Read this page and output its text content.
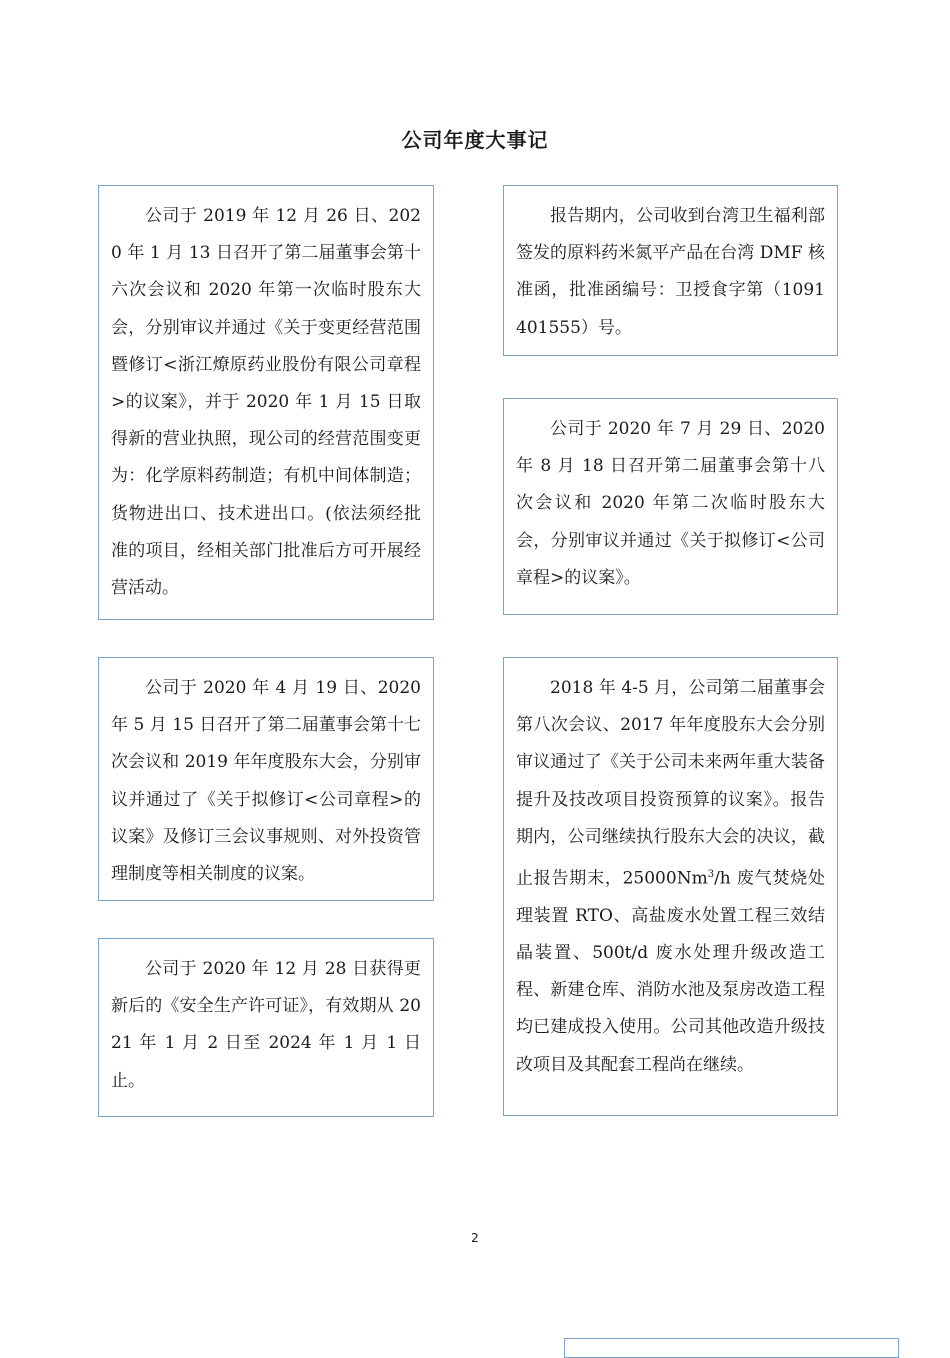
公司年度大事记

公司于 2019 年 12 月 26 日、2020 年 1 月 13 日召开了第二届董事会第十六次会议和 2020 年第一次临时股东大会，分别审议并通过《关于变更经营范围暨修订<浙江燎原药业股份有限公司章程>的议案》，并于 2020 年 1 月 15 日取得新的营业执照，现公司的经营范围变更为：化学原料药制造；有机中间体制造；货物进出口、技术进出口。(依法须经批准的项目，经相关部门批准后方可开展经营活动。

公司于 2020 年 4 月 19 日、2020 年 5 月 15 日召开了第二届董事会第十七次会议和 2019 年年度股东大会，分别审议并通过了《关于拟修订<公司章程>的议案》及修订三会议事规则、对外投资管理制度等相关制度的议案。

公司于 2020 年 12 月 28 日获得更新后的《安全生产许可证》，有效期从 2021 年 1 月 2 日至 2024 年 1 月 1 日止。

报告期内，公司收到台湾卫生福利部签发的原料药米氮平产品在台湾 DMF 核准函，批准函编号：卫授食字第（1091401555）号。

公司于 2020 年 7 月 29 日、2020 年 8 月 18 日召开第二届董事会第十八次会议和 2020 年第二次临时股东大会，分别审议并通过《关于拟修订<公司章程>的议案》。

2018 年 4-5 月，公司第二届董事会第八次会议、2017 年年度股东大会分别审议通过了《关于公司未来两年重大装备提升及技改项目投资预算的议案》。报告期内，公司继续执行股东大会的决议，截止报告期末，25000Nm$^3$/h 废气焚烧处理装置 RTO、高盐废水处置工程三效结晶装置、500t/d 废水处理升级改造工程、新建仓库、消防水池及泵房改造工程均已建成投入使用。公司其他改造升级技改项目及其配套工程尚在继续。

2
